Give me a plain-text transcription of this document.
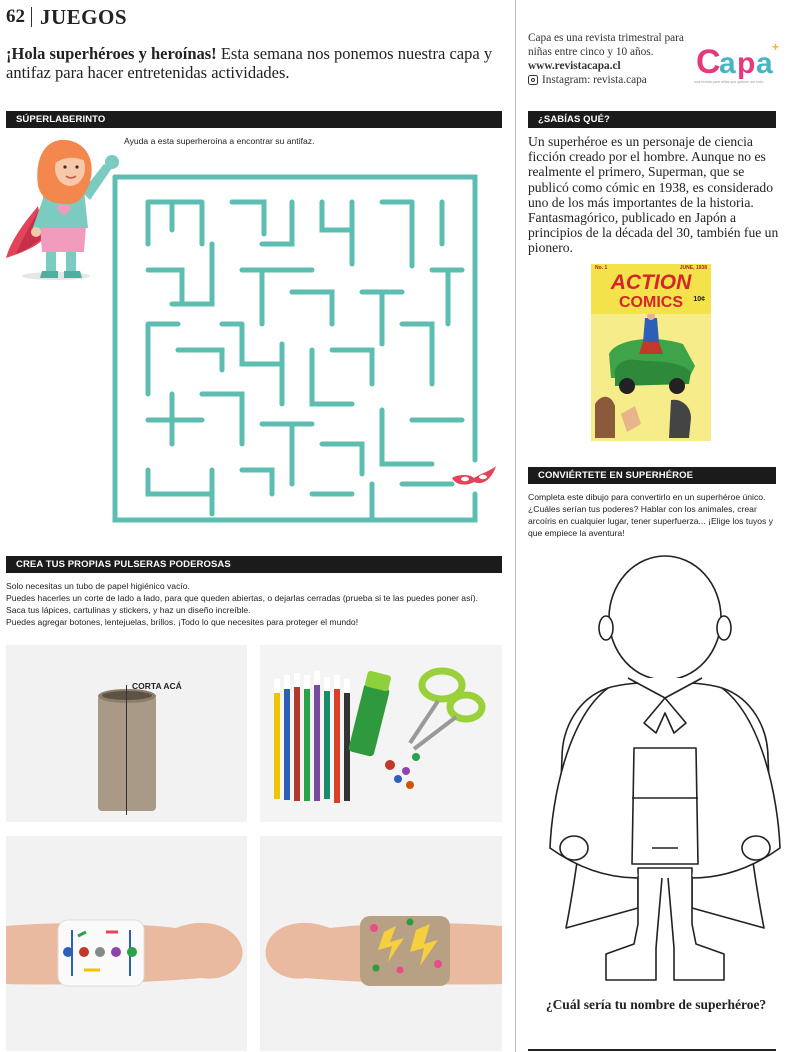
62 JUEGOS
¡Hola superhéroes y heroínas! Esta semana nos ponemos nuestra capa y antifaz para hacer entretenidas actividades.
Capa es una revista trimestral para niñas entre cinco y 10 años.
www.revistacapa.cl
Instagram: revista.capa C
a p a +
una revista para niñas que quieren ser todo
SÚPERLABERINTO
Ayuda a esta superheroína a encontrar su antifaz.
CREA TUS PROPIAS PULSERAS PODEROSAS
Solo necesitas un tubo de papel higiénico vacío.
Puedes hacerles un corte de lado a lado, para que queden abiertas, o dejarlas cerradas (prueba si te las puedes poner así).
Saca tus lápices, cartulinas y stickers, y haz un diseño increíble.
Puedes agregar botones, lentejuelas, brillos. ¡Todo lo que necesites para proteger el mundo!
CORTA ACÁ
¿SABÍAS QUÉ?
Un superhéroe es un personaje de ciencia ficción creado por el hombre. Aunque no es realmente el primero, Superman, que se publicó como cómic en 1938, es considerado uno de los más importantes de la historia. Fantasmagórico, publicado en Japón a principios de la década del 30, también fue un pionero.
No. 1	JUNE, 1938
ACTION
COMICS	10¢
CONVIÉRTETE EN SUPERHÉROE
Completa este dibujo para convertirlo en un superhéroe único. ¿Cuáles serían tus poderes? Hablar con los animales, crear arcoíris en cualquier lugar, tener superfuerza... ¡Elige los tuyos y que empiece la aventura!
¿Cuál sería tu nombre de superhéroe?
